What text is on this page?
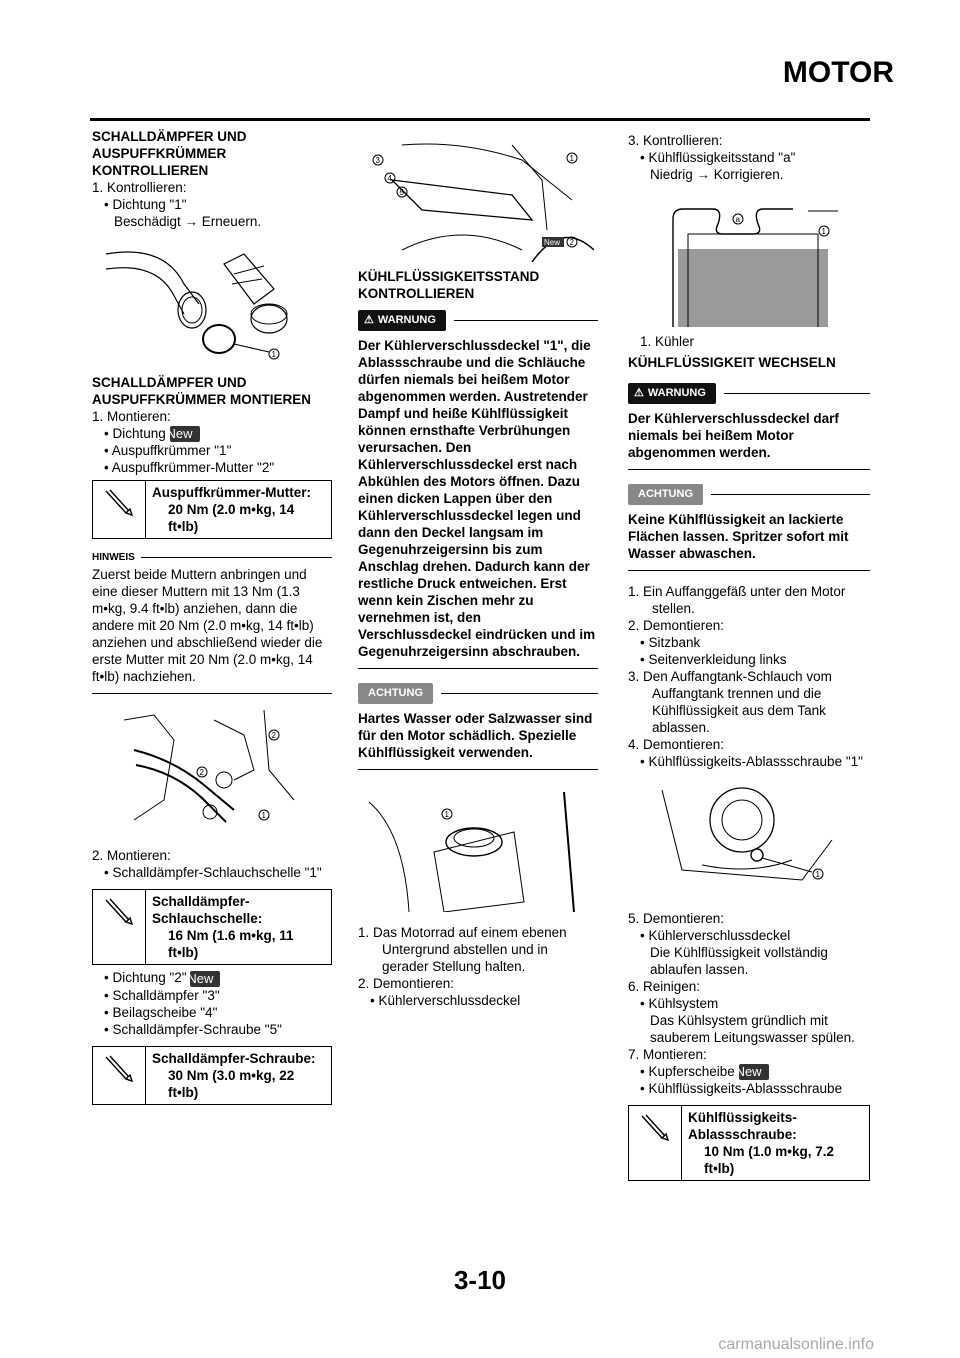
MOTOR

SCHALLDÄMPFER UND AUSPUFFKRÜMMER KONTROLLIEREN

1. Kontrollieren:

• Dichtung "1"

Beschädigt → Erneuern.

1

SCHALLDÄMPFER UND AUSPUFFKRÜMMER MONTIEREN

1. Montieren:

• Dichtung New

• Auspuffkrümmer "1"

• Auspuffkrümmer-Mutter "2"

Auspuffkrümmer-Mutter:
20 Nm (2.0 m•kg, 14 ft•lb)
HINWEIS

Zuerst beide Muttern anbringen und eine dieser Muttern mit 13 Nm (1.3 m•kg, 9.4 ft•lb) anziehen, dann die andere mit 20 Nm (2.0 m•kg, 14 ft•lb) anziehen und abschließend wieder die erste Mutter mit 20 Nm (2.0 m•kg, 14 ft•lb) nachziehen.

2
2
1

2. Montieren:

• Schalldämpfer-Schlauchschelle "1"

Schalldämpfer-Schlauchschelle:
16 Nm (1.6 m•kg, 11 ft•lb)

• Dichtung "2" New

• Schalldämpfer "3"

• Beilagscheibe "4"

• Schalldämpfer-Schraube "5"

Schalldämpfer-Schraube:
30 Nm (3.0 m•kg, 22 ft•lb)
3
4
5
1
New 2

KÜHLFLÜSSIGKEITSSTAND KONTROLLIEREN

⚠ WARNUNG

Der Kühlerverschlussdeckel "1", die Ablassschraube und die Schläuche dürfen niemals bei heißem Motor abgenommen werden. Austretender Dampf und heiße Kühlflüssigkeit können ernsthafte Verbrühungen verursachen. Den Kühlerverschlussdeckel erst nach Abkühlen des Motors öffnen. Dazu einen dicken Lappen über den Kühlerverschlussdeckel legen und dann den Deckel langsam im Gegenuhrzeigersinn bis zum Anschlag drehen. Dadurch kann der restliche Druck entweichen. Erst wenn kein Zischen mehr zu vernehmen ist, den Verschlussdeckel eindrücken und im Gegenuhrzeigersinn abschrauben.

ACHTUNG

Hartes Wasser oder Salzwasser sind für den Motor schädlich. Spezielle Kühlflüssigkeit verwenden.

1

1. Das Motorrad auf einem ebenen Untergrund abstellen und in gerader Stellung halten.

2. Demontieren:

• Kühlerverschlussdeckel

3. Kontrollieren:

• Kühlflüssigkeitsstand "a"

Niedrig → Korrigieren.

a
1

1. Kühler

KÜHLFLÜSSIGKEIT WECHSELN

⚠ WARNUNG

Der Kühlerverschlussdeckel darf niemals bei heißem Motor abgenommen werden.

ACHTUNG

Keine Kühlflüssigkeit an lackierte Flächen lassen. Spritzer sofort mit Wasser abwaschen.

1. Ein Auffanggefäß unter den Motor stellen.

2. Demontieren:

• Sitzbank

• Seitenverkleidung links

3. Den Auffangtank-Schlauch vom Auffangtank trennen und die Kühlflüssigkeit aus dem Tank ablassen.

4. Demontieren:

• Kühlflüssigkeits-Ablassschraube "1"

1

5. Demontieren:

• Kühlerverschlussdeckel

Die Kühlflüssigkeit vollständig ablaufen lassen.

6. Reinigen:

• Kühlsystem

Das Kühlsystem gründlich mit sauberem Leitungswasser spülen.

7. Montieren:

• Kupferscheibe New

• Kühlflüssigkeits-Ablassschraube

Kühlflüssigkeits-Ablassschraube:
10 Nm (1.0 m•kg, 7.2 ft•lb)
3-10
carmanualsonline.info
